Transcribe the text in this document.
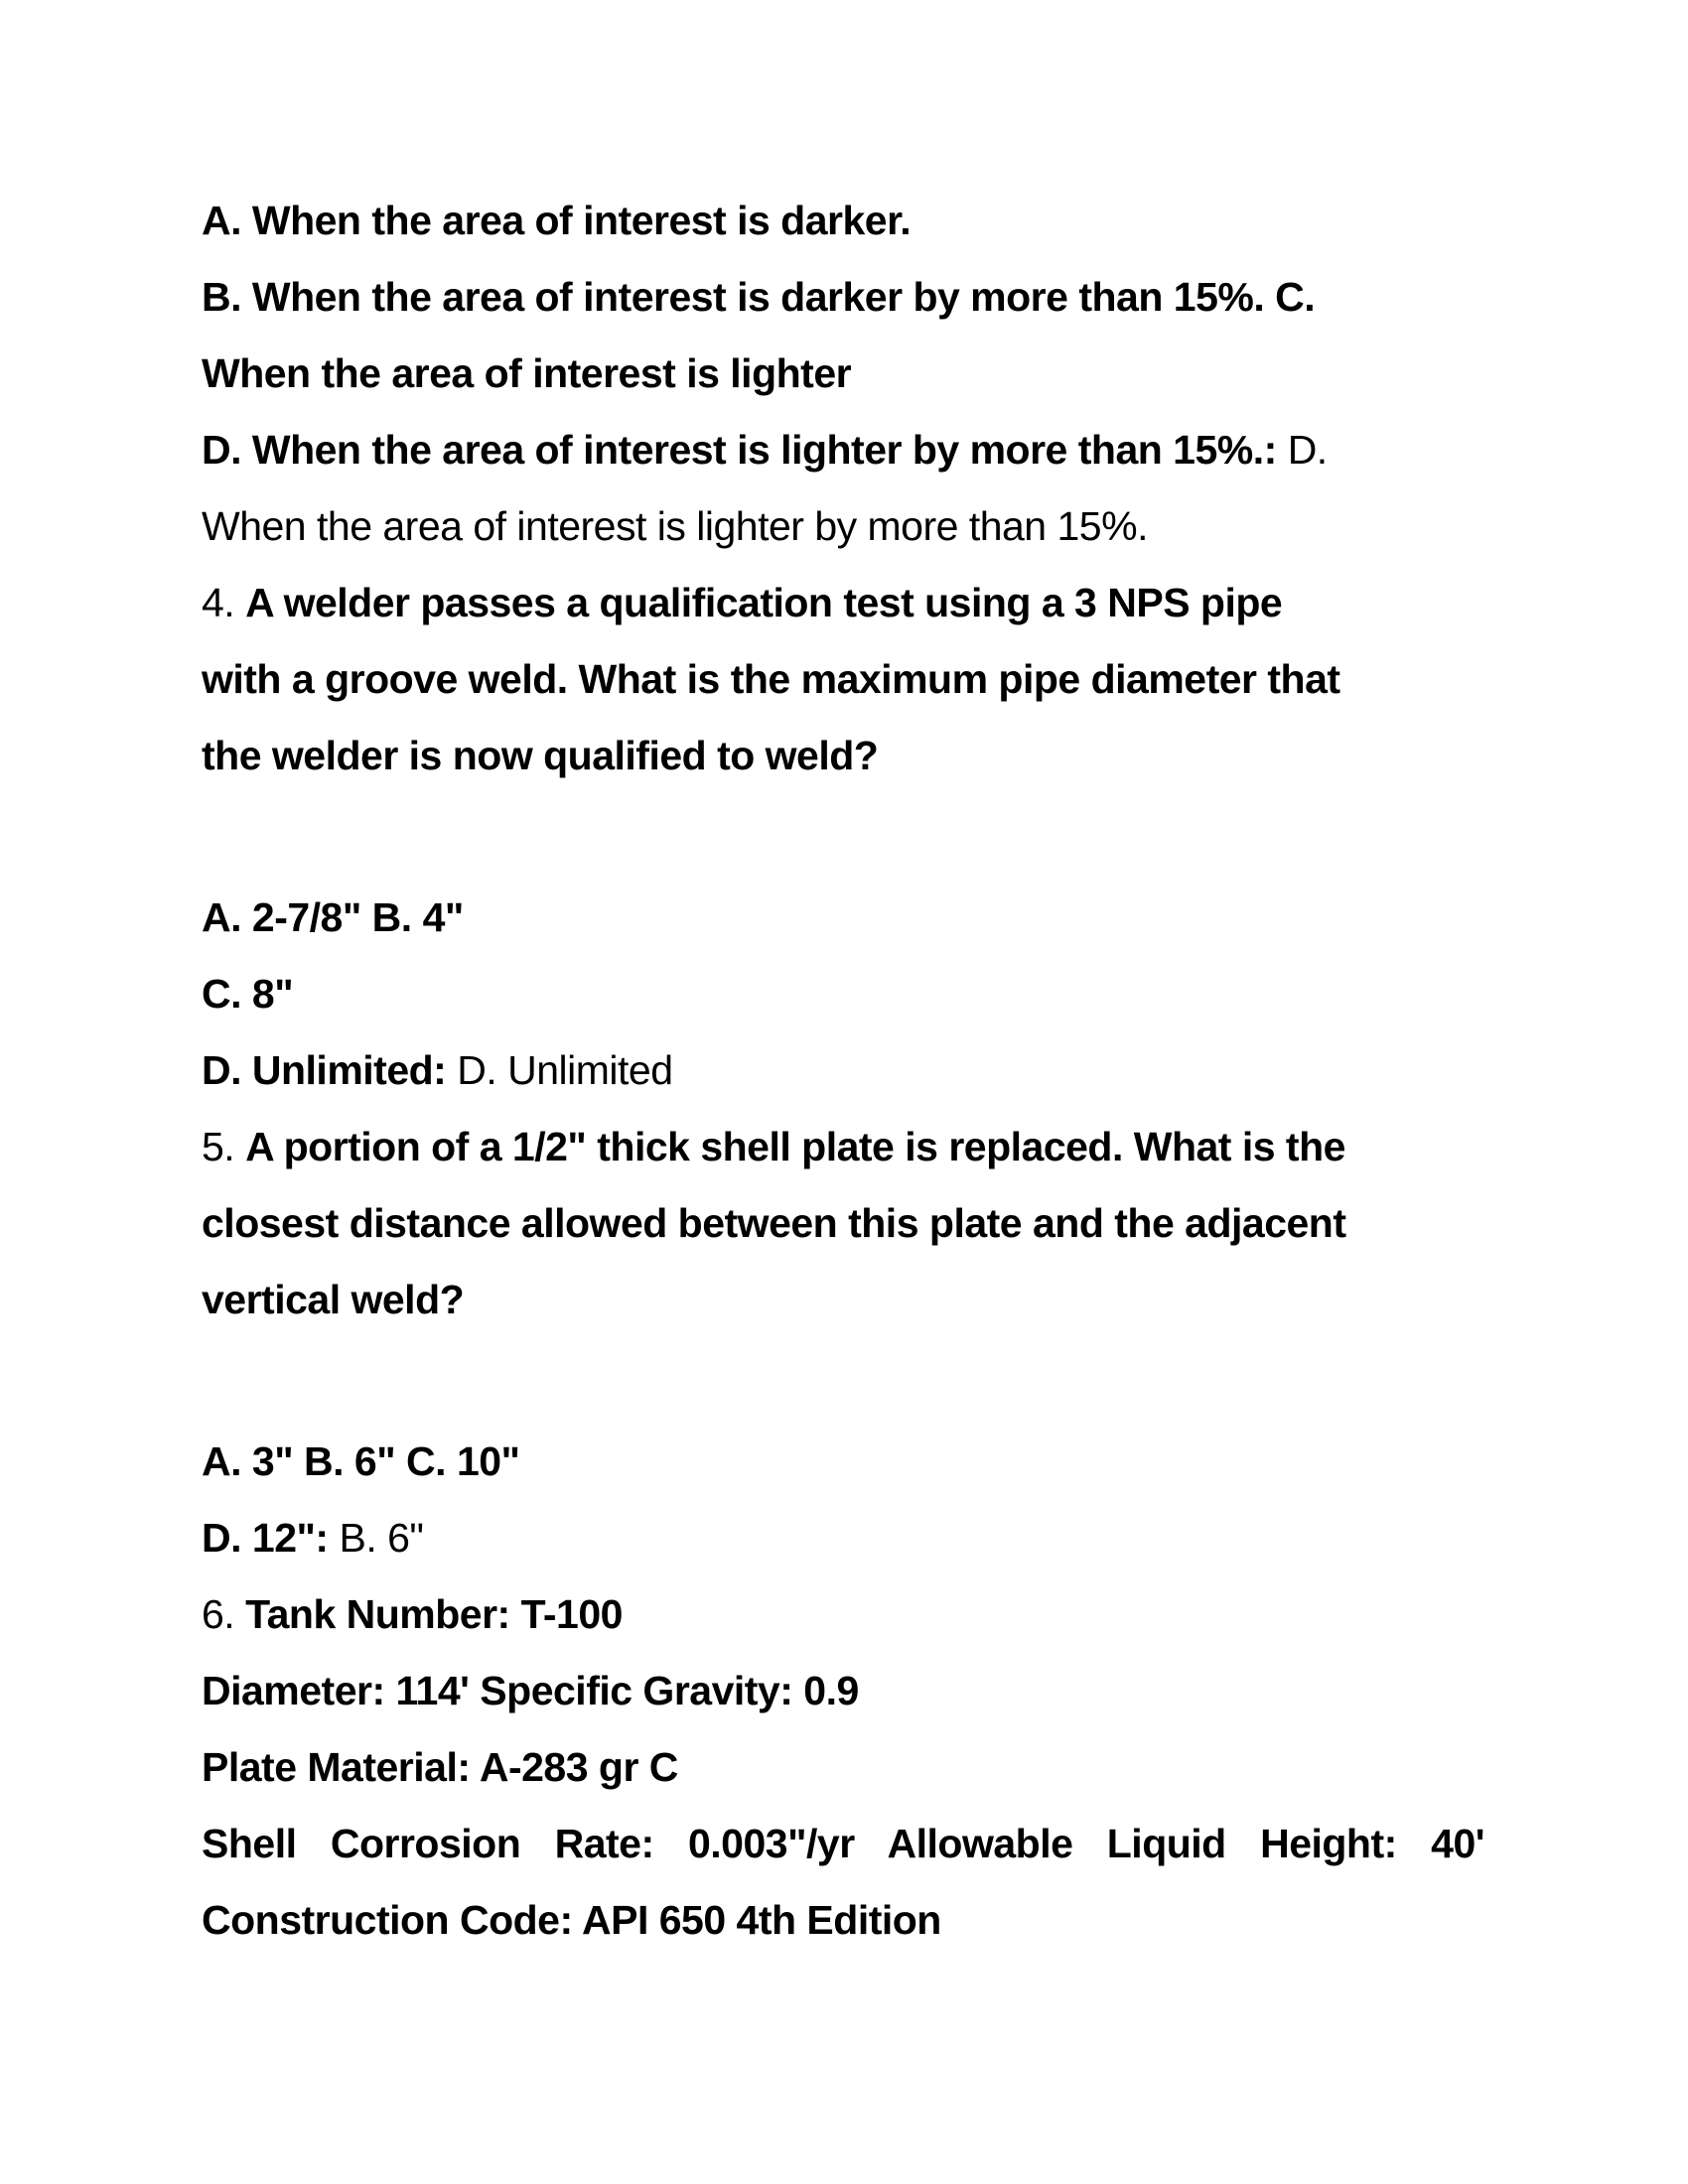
A. When the area of interest is darker.
B. When the area of interest is darker by more than 15%. C.
When the area of interest is lighter
D. When the area of interest is lighter by more than 15%.: D.
When the area of interest is lighter by more than 15%.
4. A welder passes a qualification test using a 3 NPS pipe
with a groove weld. What is the maximum pipe diameter that
the welder is now qualified to weld?
A. 2-7/8" B. 4"
C. 8"
D. Unlimited: D. Unlimited
5. A portion of a 1/2" thick shell plate is replaced. What is the
closest distance allowed between this plate and the adjacent
vertical weld?
A. 3" B. 6" C. 10"
D. 12": B. 6"
6. Tank Number: T-100
Diameter: 114' Specific Gravity: 0.9
Plate Material: A-283 gr C
Shell Corrosion Rate: 0.003"/yr Allowable Liquid Height: 40'
Construction Code: API 650 4th Edition
